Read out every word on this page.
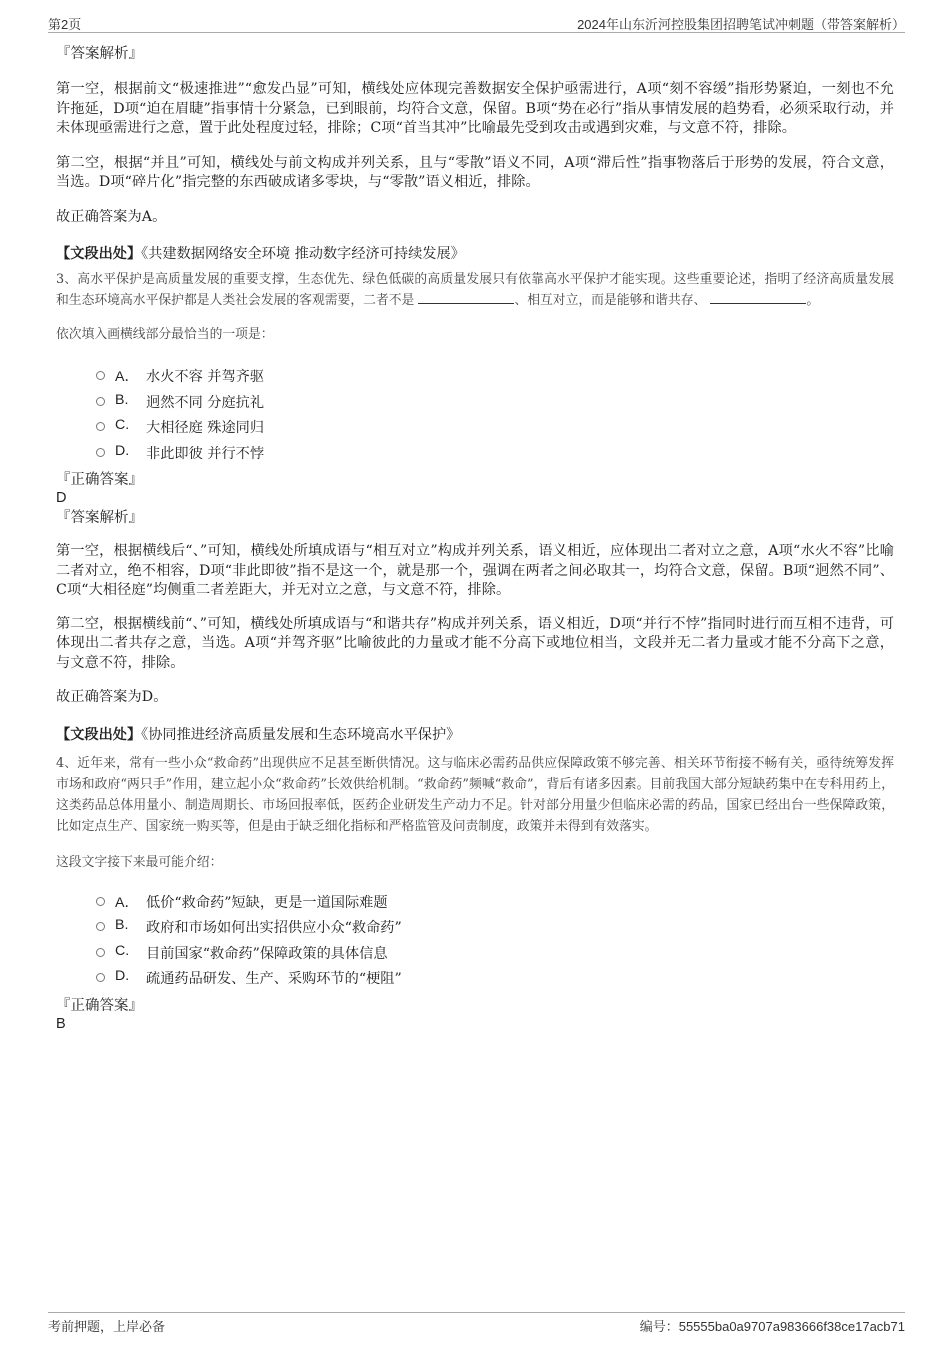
第2页	2024年山东沂河控股集团招聘笔试冲刺题（带答案解析）

『答案解析』

第一空，根据前文“极速推进”“愈发凸显”可知，横线处应体现完善数据安全保护亟需进行，A项“刻不容缓”指形势紧迫，一刻也不允许拖延，D项“迫在眉睫”指事情十分紧急，已到眼前，均符合文意，保留。B项“势在必行”指从事情发展的趋势看，必须采取行动，并未体现亟需进行之意，置于此处程度过轻，排除；C项“首当其冲”比喻最先受到攻击或遇到灾难，与文意不符，排除。

第二空，根据“并且”可知，横线处与前文构成并列关系，且与“零散”语义不同，A项“滞后性”指事物落后于形势的发展，符合文意，当选。D项“碎片化”指完整的东西破成诸多零块，与“零散”语义相近，排除。

故正确答案为A。

【文段出处】《共建数据网络安全环境 推动数字经济可持续发展》

3、高水平保护是高质量发展的重要支撑，生态优先、绿色低碳的高质量发展只有依靠高水平保护才能实现。这些重要论述，指明了经济高质量发展和生态环境高水平保护都是人类社会发展的客观需要，二者不是	、相互对立，而是能够和谐共存、	。

依次填入画横线部分最恰当的一项是：

A． 水火不容 并驾齐驱
B. 迥然不同 分庭抗礼
C. 大相径庭 殊途同归
D. 非此即彼 并行不悖

『正确答案』

D

『答案解析』

第一空，根据横线后“、”可知，横线处所填成语与“相互对立”构成并列关系，语义相近，应体现出二者对立之意，A项“水火不容”比喻二者对立，绝不相容，D项“非此即彼”指不是这一个，就是那一个，强调在两者之间必取其一，均符合文意，保留。B项“迥然不同”、C项“大相径庭”均侧重二者差距大，并无对立之意，与文意不符，排除。

第二空，根据横线前“、”可知，横线处所填成语与“和谐共存”构成并列关系，语义相近，D项“并行不悖”指同时进行而互相不违背，可体现出二者共存之意，当选。A项“并驾齐驱”比喻彼此的力量或才能不分高下或地位相当，文段并无二者力量或才能不分高下之意，与文意不符，排除。

故正确答案为D。

【文段出处】《协同推进经济高质量发展和生态环境高水平保护》

4、近年来，常有一些小众“救命药”出现供应不足甚至断供情况。这与临床必需药品供应保障政策不够完善、相关环节衔接不畅有关，亟待统筹发挥市场和政府“两只手”作用，建立起小众“救命药”长效供给机制。“救命药”频喊“救命”，背后有诸多因素。目前我国大部分短缺药集中在专科用药上，这类药品总体用量小、制造周期长、市场回报率低，医药企业研发生产动力不足。针对部分用量少但临床必需的药品，国家已经出台一些保障政策，比如定点生产、国家统一购买等，但是由于缺乏细化指标和严格监管及问责制度，政策并未得到有效落实。

这段文字接下来最可能介绍：

A． 低价“救命药”短缺，更是一道国际难题
B. 政府和市场如何出实招供应小众“救命药”
C. 目前国家“救命药”保障政策的具体信息
D. 疏通药品研发、生产、采购环节的“梗阻”

『正确答案』

B

考前押题，上岸必备	编号：55555ba0a9707a983666f38ce17acb71
